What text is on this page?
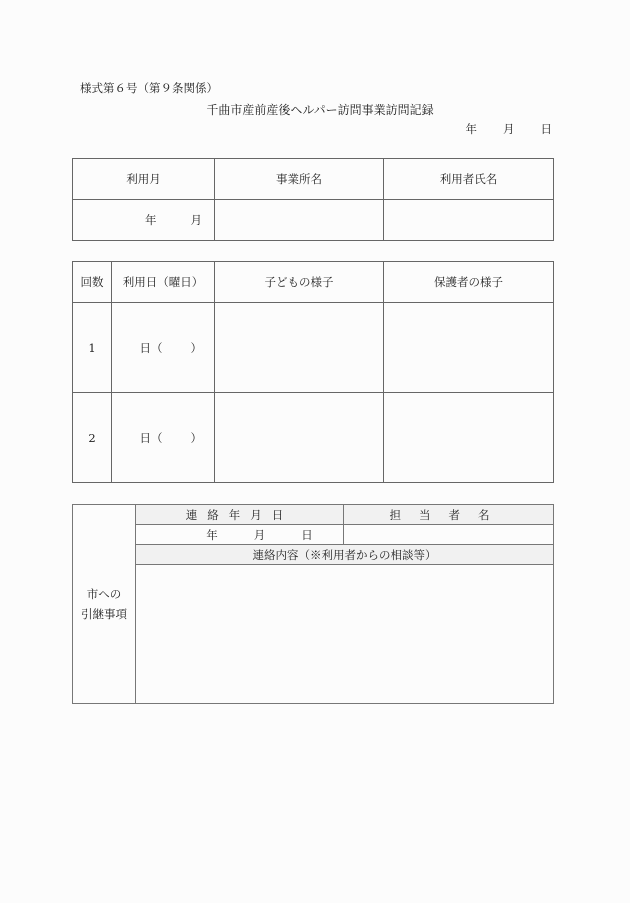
様式第６号（第９条関係）
千曲市産前産後ヘルパー訪問事業訪問記録
年 月 日
利用月	事業所名	利用者氏名

年 月		

回数	利用日（曜日）	子どもの様子	保護者の様子
1	日（ ）		

2	日（ ）		

市への
引継事項	連絡年月日	担当者名

	年 月 日	

	連絡内容（※利用者からの相談等）	
